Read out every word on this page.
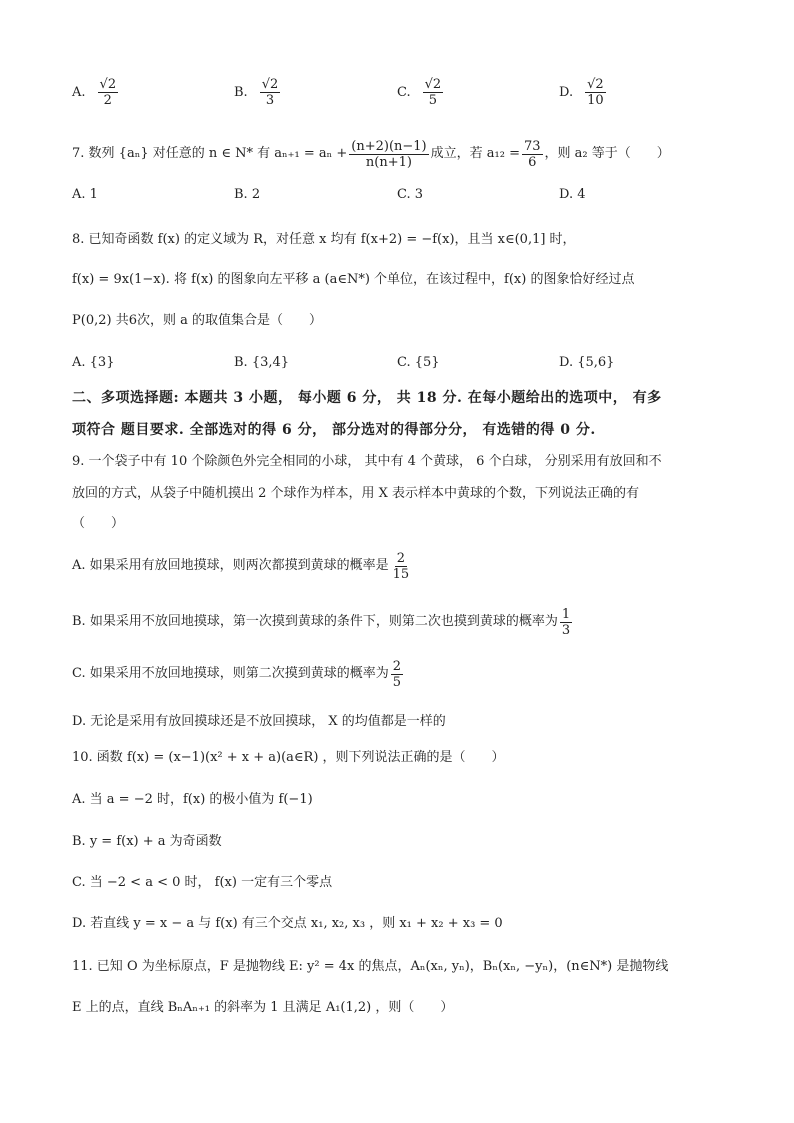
A. $\frac{√2}{2}$	B. $\frac{√2}{3}$	C. $\frac{√2}{5}$	D. $\frac{√2}{10}$
7. 数列 {aₙ} 对任意的 n ∈ N* 有 $a_{n+1} = a_n + \frac{(n+2)(n-1)}{n(n+1)}$ 成立，若 $a_{12} = \frac{73}{6}$ ，则 a₂ 等于（　　）
A. 1	B. 2	C. 3	D. 4
8. 已知奇函数 f(x) 的定义域为 R，对任意 x 均有 f(x+2) = −f(x)，且当 x∈(0,1] 时，
f(x) = 9x(1−x). 将 f(x) 的图象向左平移 a (a∈N*) 个单位，在该过程中，f(x) 的图象恰好经过点
P(0,2) 共6次，则 a 的取值集合是（　　）
A. {3}	B. {3,4}	C. {5}	D. {5,6}
二、多项选择题: 本题共 3 小题， 每小题 6 分， 共 18 分. 在每小题给出的选项中， 有多
项符合 题目要求. 全部选对的得 6 分， 部分选对的得部分分， 有选错的得 0 分.
9. 一个袋子中有 10 个除颜色外完全相同的小球， 其中有 4 个黄球， 6 个白球， 分别采用有放回和不
放回的方式，从袋子中随机摸出 2 个球作为样本，用 X 表示样本中黄球的个数，下列说法正确的有
（　　）
A. 如果采用有放回地摸球，则两次都摸到黄球的概率是 $\frac{2}{15}$
B. 如果采用不放回地摸球，第一次摸到黄球的条件下，则第二次也摸到黄球的概率为 $\frac{1}{3}$
C. 如果采用不放回地摸球，则第二次摸到黄球的概率为 $\frac{2}{5}$
D. 无论是采用有放回摸球还是不放回摸球， X 的均值都是一样的
10. 函数 f(x) = (x−1)(x² + x + a)(a∈R) ，则下列说法正确的是（　　）
A. 当 a = −2 时，f(x) 的极小值为 f(−1)
B. y = f(x) + a 为奇函数
C. 当 −2 < a < 0 时， f(x) 一定有三个零点
D. 若直线 y = x − a 与 f(x) 有三个交点 x₁, x₂, x₃ ，则 x₁ + x₂ + x₃ = 0
11. 已知 O 为坐标原点，F 是抛物线 E: y² = 4x 的焦点，Aₙ(xₙ, yₙ)，Bₙ(xₙ, −yₙ)，(n∈N*) 是抛物线
E 上的点，直线 BₙAₙ₊₁ 的斜率为 1 且满足 A₁(1,2) ，则（　　）
